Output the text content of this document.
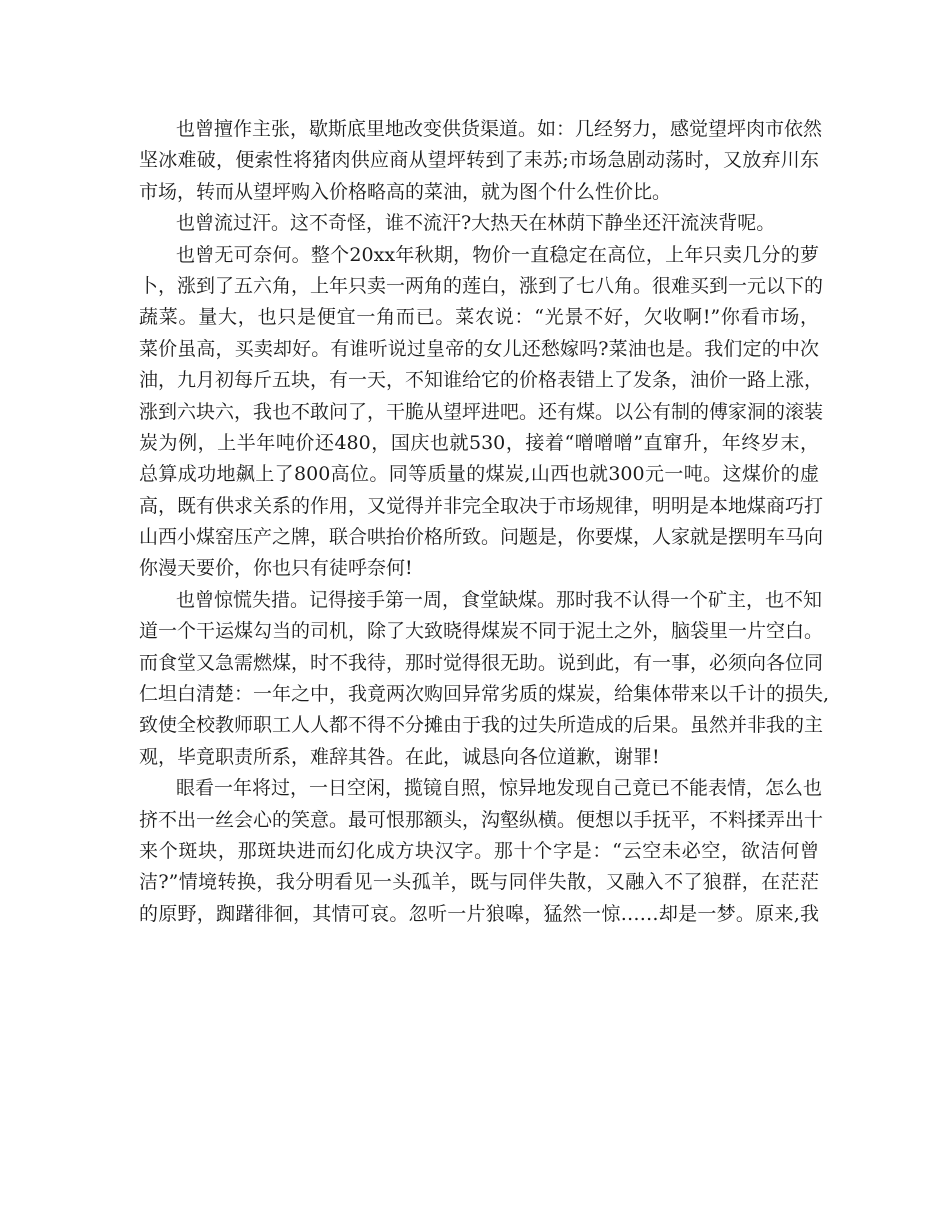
也曾擅作主张，歇斯底里地改变供货渠道。如：几经努力，感觉望坪肉市依然
坚冰难破，便索性将猪肉供应商从望坪转到了耒苏;市场急剧动荡时，又放弃川东
市场，转而从望坪购入价格略高的菜油，就为图个什么性价比。
也曾流过汗。这不奇怪，谁不流汗?大热天在林荫下静坐还汗流浃背呢。
也曾无可奈何。整个20xx年秋期，物价一直稳定在高位，上年只卖几分的萝
卜，涨到了五六角，上年只卖一两角的莲白，涨到了七八角。很难买到一元以下的
蔬菜。量大，也只是便宜一角而已。菜农说：“光景不好，欠收啊!”你看市场，
菜价虽高，买卖却好。有谁听说过皇帝的女儿还愁嫁吗?菜油也是。我们定的中次
油，九月初每斤五块，有一天，不知谁给它的价格表错上了发条，油价一路上涨，
涨到六块六，我也不敢问了，干脆从望坪进吧。还有煤。以公有制的傅家洞的滚装
炭为例，上半年吨价还480，国庆也就530，接着“噌噌噌”直窜升，年终岁末，
总算成功地飙上了800高位。同等质量的煤炭,山西也就300元一吨。这煤价的虚
高，既有供求关系的作用，又觉得并非完全取决于市场规律，明明是本地煤商巧打
山西小煤窑压产之牌，联合哄抬价格所致。问题是，你要煤，人家就是摆明车马向
你漫天要价，你也只有徒呼奈何!
也曾惊慌失措。记得接手第一周，食堂缺煤。那时我不认得一个矿主，也不知
道一个干运煤勾当的司机，除了大致晓得煤炭不同于泥土之外，脑袋里一片空白。
而食堂又急需燃煤，时不我待，那时觉得很无助。说到此，有一事，必须向各位同
仁坦白清楚：一年之中，我竟两次购回异常劣质的煤炭，给集体带来以千计的损失,
致使全校教师职工人人都不得不分摊由于我的过失所造成的后果。虽然并非我的主
观，毕竟职责所系，难辞其咎。在此，诚恳向各位道歉，谢罪!
眼看一年将过，一日空闲，揽镜自照，惊异地发现自己竟已不能表情，怎么也
挤不出一丝会心的笑意。最可恨那额头，沟壑纵横。便想以手抚平，不料揉弄出十
来个斑块，那斑块进而幻化成方块汉字。那十个字是：“云空未必空，欲洁何曾
洁?”情境转换，我分明看见一头孤羊，既与同伴失散，又融入不了狼群，在茫茫
的原野，踟躇徘徊，其情可哀。忽听一片狼嗥，猛然一惊……却是一梦。原来,我
